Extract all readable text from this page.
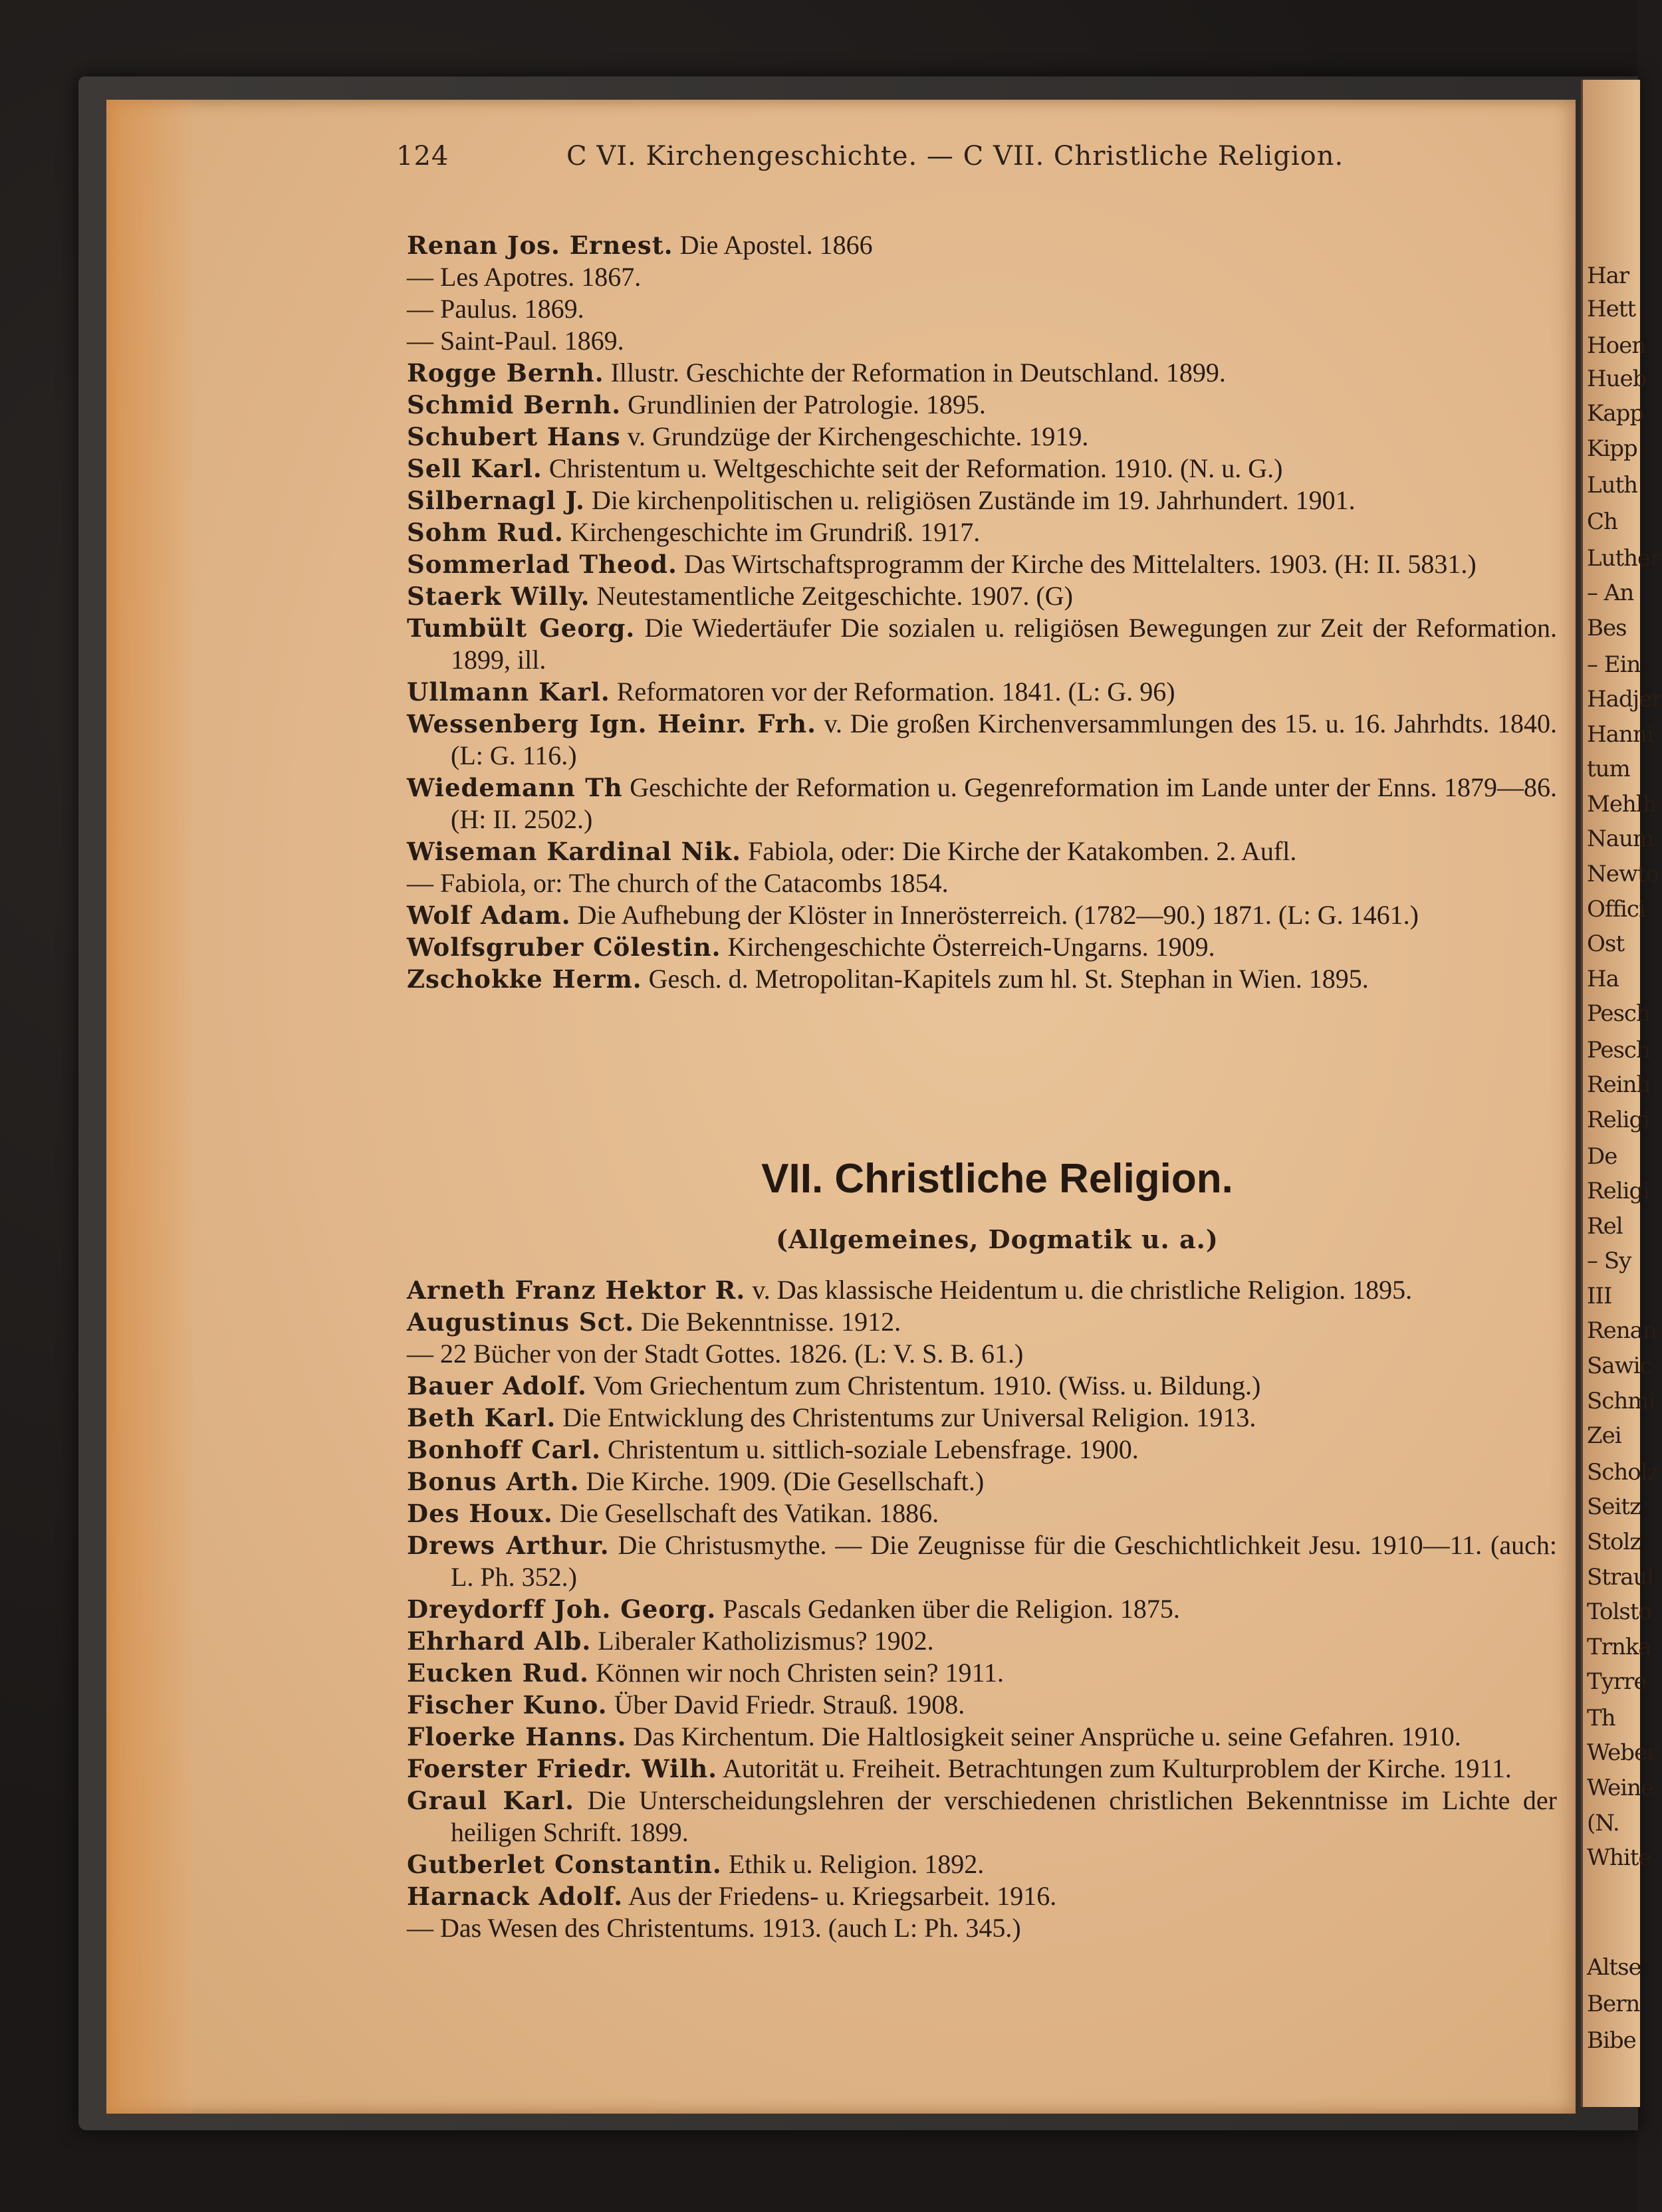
Har
Hett
Hoen
Hueb
Kapp
Kipp
Luth
Ch
Luther
– An
Bes
– Ein
Hadjer
Hanni
tum
Mehlh
Naum
Newto
Offici
Ost
Ha
Pesch
Pesch
Reinh
Religi
De
Religi
Rel
– Sy
III
Renan
Sawic
Schmi
Zei
Scholz
Seitz
Stolz
Straul
Tolsto
Trnka
Tyrre
Th
Weber
Weine
(N.
White
Altse
Bern
Bibe
124	C VI. Kirchengeschichte. — C VII. Christliche Religion.
Renan Jos. Ernest. Die Apostel. 1866
— Les Apotres. 1867.
— Paulus. 1869.
— Saint-Paul. 1869.
Rogge Bernh. Illustr. Geschichte der Reformation in Deutschland. 1899.
Schmid Bernh. Grundlinien der Patrologie. 1895.
Schubert Hans v. Grundzüge der Kirchengeschichte. 1919.
Sell Karl. Christentum u. Weltgeschichte seit der Reformation. 1910. (N. u. G.)
Silbernagl J. Die kirchenpolitischen u. religiösen Zustände im 19. Jahrhundert. 1901.
Sohm Rud. Kirchengeschichte im Grundriß. 1917.
Sommerlad Theod. Das Wirtschaftsprogramm der Kirche des Mittelalters. 1903. (H: II. 5831.)
Staerk Willy. Neutestamentliche Zeitgeschichte. 1907. (G)
Tumbült Georg. Die Wiedertäufer Die sozialen u. religiösen Bewegungen zur Zeit der Reformation. 1899, ill.
Ullmann Karl. Reformatoren vor der Reformation. 1841. (L: G. 96)
Wessenberg Ign. Heinr. Frh. v. Die großen Kirchenversammlungen des 15. u. 16. Jahrhdts. 1840. (L: G. 116.)
Wiedemann Th Geschichte der Reformation u. Gegenreformation im Lande unter der Enns. 1879—86. (H: II. 2502.)
Wiseman Kardinal Nik. Fabiola, oder: Die Kirche der Katakomben. 2. Aufl.
— Fabiola, or: The church of the Catacombs 1854.
Wolf Adam. Die Aufhebung der Klöster in Innerösterreich. (1782—90.) 1871. (L: G. 1461.)
Wolfsgruber Cölestin. Kirchengeschichte Österreich-Ungarns. 1909.
Zschokke Herm. Gesch. d. Metropolitan-Kapitels zum hl. St. Stephan in Wien. 1895.
VII. Christliche Religion.
(Allgemeines, Dogmatik u. a.)
Arneth Franz Hektor R. v. Das klassische Heidentum u. die christliche Religion. 1895.
Augustinus Sct. Die Bekenntnisse. 1912.
— 22 Bücher von der Stadt Gottes. 1826. (L: V. S. B. 61.)
Bauer Adolf. Vom Griechentum zum Christentum. 1910. (Wiss. u. Bildung.)
Beth Karl. Die Entwicklung des Christentums zur Universal Religion. 1913.
Bonhoff Carl. Christentum u. sittlich-soziale Lebensfrage. 1900.
Bonus Arth. Die Kirche. 1909. (Die Gesellschaft.)
Des Houx. Die Gesellschaft des Vatikan. 1886.
Drews Arthur. Die Christusmythe. — Die Zeugnisse für die Geschichtlichkeit Jesu. 1910—11. (auch: L. Ph. 352.)
Dreydorff Joh. Georg. Pascals Gedanken über die Religion. 1875.
Ehrhard Alb. Liberaler Katholizismus? 1902.
Eucken Rud. Können wir noch Christen sein? 1911.
Fischer Kuno. Über David Friedr. Strauß. 1908.
Floerke Hanns. Das Kirchentum. Die Haltlosigkeit seiner Ansprüche u. seine Gefahren. 1910.
Foerster Friedr. Wilh. Autorität u. Freiheit. Betrachtungen zum Kulturproblem der Kirche. 1911.
Graul Karl. Die Unterscheidungslehren der verschiedenen christlichen Bekenntnisse im Lichte der heiligen Schrift. 1899.
Gutberlet Constantin. Ethik u. Religion. 1892.
Harnack Adolf. Aus der Friedens- u. Kriegsarbeit. 1916.
— Das Wesen des Christentums. 1913. (auch L: Ph. 345.)
